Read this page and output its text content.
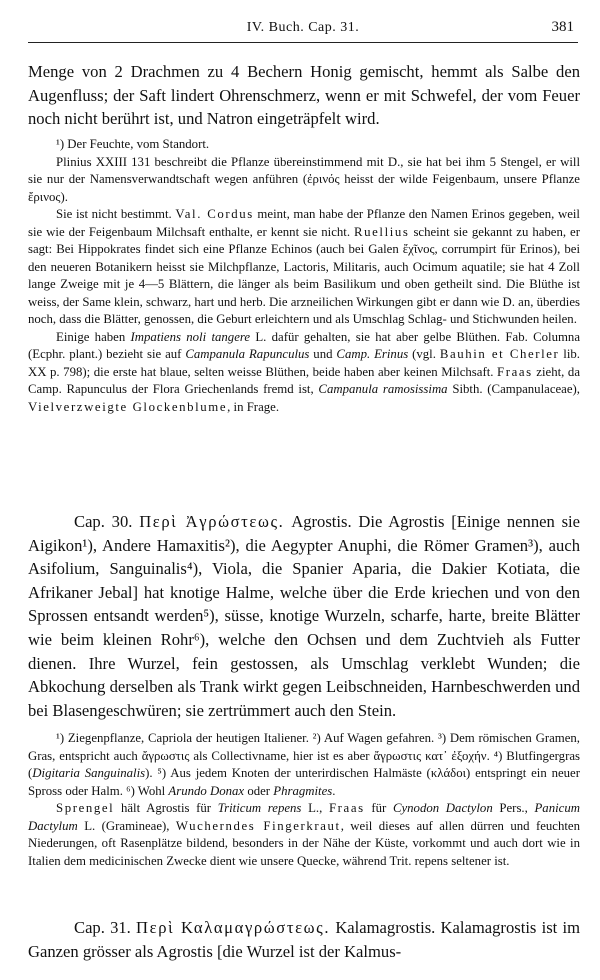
IV. Buch. Cap. 31.	381

Menge von 2 Drachmen zu 4 Bechern Honig gemischt, hemmt als Salbe den Augenfluss; der Saft lindert Ohrenschmerz, wenn er mit Schwefel, der vom Feuer noch nicht berührt ist, und Natron eingeträpfelt wird.

¹) Der Feuchte, vom Standort.

Plinius XXIII 131 beschreibt die Pflanze übereinstimmend mit D., sie hat bei ihm 5 Stengel, er will sie nur der Namensverwandtschaft wegen anführen (ἐρινός heisst der wilde Feigenbaum, unsere Pflanze ἔρινος).

Sie ist nicht bestimmt. Val. Cordus meint, man habe der Pflanze den Namen Erinos gegeben, weil sie wie der Feigenbaum Milchsaft enthalte, er kennt sie nicht. Ruellius scheint sie gekannt zu haben, er sagt: Bei Hippokrates findet sich eine Pflanze Echinos (auch bei Galen ἔχῖνος, corrumpirt für Erinos), bei den neueren Botanikern heisst sie Milchpflanze, Lactoris, Militaris, auch Ocimum aquatile; sie hat 4 Zoll lange Zweige mit je 4—5 Blättern, die länger als beim Basilikum und oben getheilt sind. Die Blüthe ist weiss, der Same klein, schwarz, hart und herb. Die arzneilichen Wirkungen gibt er dann wie D. an, überdies noch, dass die Blätter, genossen, die Geburt erleichtern und als Umschlag Schlag- und Stichwunden heilen.

Einige haben Impatiens noli tangere L. dafür gehalten, sie hat aber gelbe Blüthen. Fab. Columna (Ecphr. plant.) bezieht sie auf Campanula Rapunculus und Camp. Erinus (vgl. Bauhin et Cherler lib. XX p. 798); die erste hat blaue, selten weisse Blüthen, beide haben aber keinen Milchsaft. Fraas zieht, da Camp. Rapunculus der Flora Griechenlands fremd ist, Campanula ramosissima Sibth. (Campanulaceae), Vielverzweigte Glockenblume, in Frage.

Cap. 30. Περὶ Ἀγρώστεως. Agrostis. Die Agrostis [Einige nennen sie Aigikon¹), Andere Hamaxitis²), die Aegypter Anuphi, die Römer Gramen³), auch Asifolium, Sanguinalis⁴), Viola, die Spanier Aparia, die Dakier Kotiata, die Afrikaner Jebal] hat knotige Halme, welche über die Erde kriechen und von den Sprossen entsandt werden⁵), süsse, knotige Wurzeln, scharfe, harte, breite Blätter wie beim kleinen Rohr⁶), welche den Ochsen und dem Zuchtvieh als Futter dienen. Ihre Wurzel, fein gestossen, als Umschlag verklebt Wunden; die Abkochung derselben als Trank wirkt gegen Leibschneiden, Harnbeschwerden und bei Blasengeschwüren; sie zertrümmert auch den Stein.

¹) Ziegenpflanze, Capriola der heutigen Italiener. ²) Auf Wagen gefahren. ³) Dem römischen Gramen, Gras, entspricht auch ἄγρωστις als Collectivname, hier ist es aber ἄγρωστις κατ᾽ ἐξοχήν. ⁴) Blutfingergras (Digitaria Sanguinalis). ⁵) Aus jedem Knoten der unterirdischen Halmäste (κλάδοι) entspringt ein neuer Spross oder Halm. ⁶) Wohl Arundo Donax oder Phragmites.

Sprengel hält Agrostis für Triticum repens L., Fraas für Cynodon Dactylon Pers., Panicum Dactylum L. (Gramineae), Wucherndes Fingerkraut, weil dieses auf allen dürren und feuchten Niederungen, oft Rasenplätze bildend, besonders in der Nähe der Küste, vorkommt und auch dort wie in Italien dem medicinischen Zwecke dient wie unsere Quecke, während Trit. repens seltener ist.

Cap. 31. Περὶ Καλαμαγρώστεως. Kalamagrostis. Kalamagrostis ist im Ganzen grösser als Agrostis [die Wurzel ist der Kalmus-
